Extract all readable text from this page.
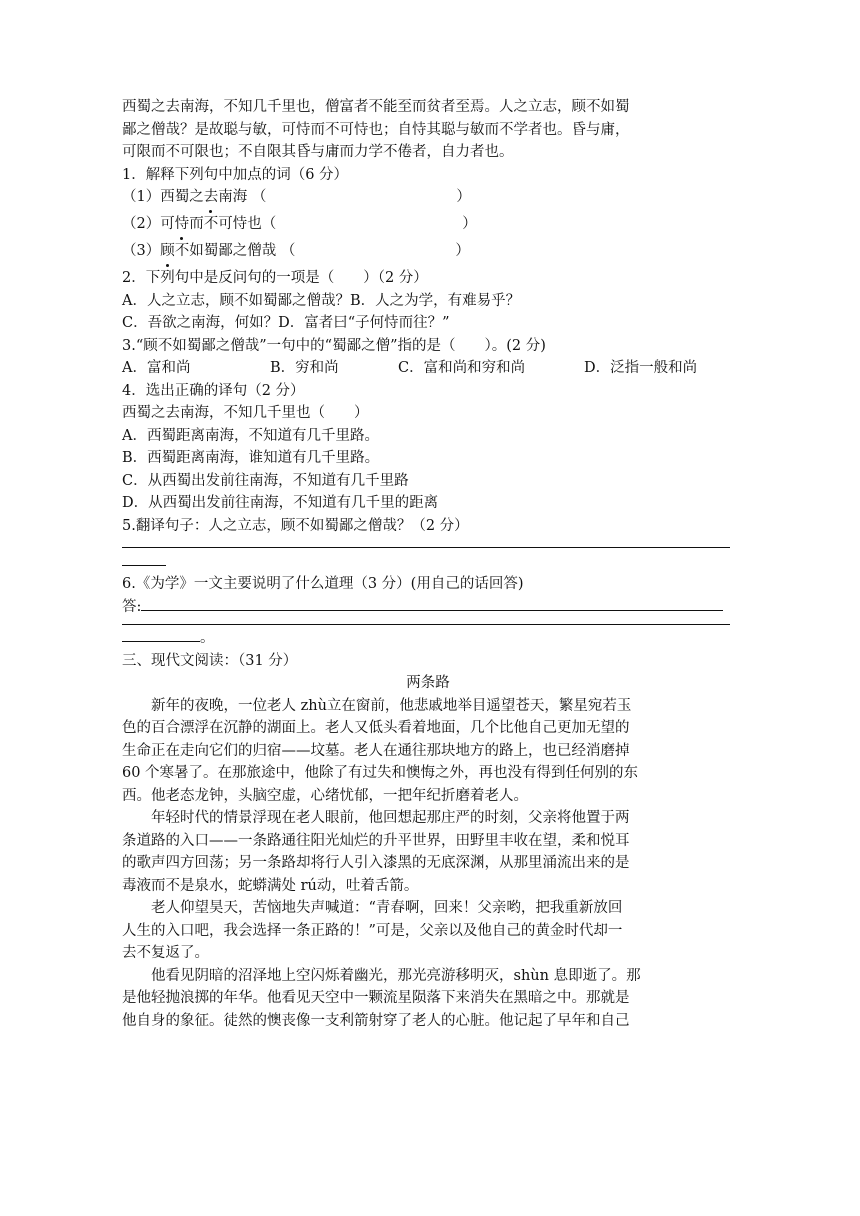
西蜀之去南海，不知几千里也，僧富者不能至而贫者至焉。人之立志，顾不如蜀
鄙之僧哉？是故聪与敏，可恃而不可恃也；自恃其聪与敏而不学者也。昏与庸，
可限而不可限也；不自限其昏与庸而力学不倦者，自力者也。
1．解释下列句中加点的词（6 分）
（1）西蜀之去南海 （	）
（2）可恃而不可恃也（	）
（3）顾不如蜀鄙之僧哉 （	）
2．下列句中是反问句的一项是（　　）（2 分）
A．人之立志，顾不如蜀鄙之僧哉？B．人之为学，有难易乎？
C．吾欲之南海，何如？D．富者曰“子何恃而往？”
3.“顾不如蜀鄙之僧哉”一句中的“蜀鄙之僧”指的是（　　）。(2 分)
A．富和尚	B．穷和尚	C．富和尚和穷和尚	D．泛指一般和尚
4．选出正确的译句（2 分）
西蜀之去南海，不知几千里也（　　）
A．西蜀距离南海，不知道有几千里路。
B．西蜀距离南海，谁知道有几千里路。
C．从西蜀出发前往南海，不知道有几千里路
D．从西蜀出发前往南海，不知道有几千里的距离
5.翻译句子：人之立志，顾不如蜀鄙之僧哉？（2 分）
6.《为学》一文主要说明了什么道理（3 分）(用自己的话回答)
答:
。
三、现代文阅读：（31 分）
两条路
新年的夜晚，一位老人 zhù立在窗前，他悲戚地举目遥望苍天，繁星宛若玉
色的百合漂浮在沉静的湖面上。老人又低头看着地面，几个比他自己更加无望的
生命正在走向它们的归宿——坟墓。老人在通往那块地方的路上，也已经消磨掉
60 个寒暑了。在那旅途中，他除了有过失和懊悔之外，再也没有得到任何别的东
西。他老态龙钟，头脑空虚，心绪忧郁，一把年纪折磨着老人。
年轻时代的情景浮现在老人眼前，他回想起那庄严的时刻，父亲将他置于两
条道路的入口——一条路通往阳光灿烂的升平世界，田野里丰收在望，柔和悦耳
的歌声四方回荡；另一条路却将行人引入漆黑的无底深渊，从那里涌流出来的是
毒液而不是泉水，蛇蟒满处 rú动，吐着舌箭。
老人仰望昊天，苦恼地失声喊道：“青春啊，回来！父亲哟，把我重新放回
人生的入口吧，我会选择一条正路的！”可是，父亲以及他自己的黄金时代却一
去不复返了。
他看见阴暗的沼泽地上空闪烁着幽光，那光亮游移明灭，shùn 息即逝了。那
是他轻抛浪掷的年华。他看见天空中一颗流星陨落下来消失在黑暗之中。那就是
他自身的象征。徒然的懊丧像一支利箭射穿了老人的心脏。他记起了早年和自己
